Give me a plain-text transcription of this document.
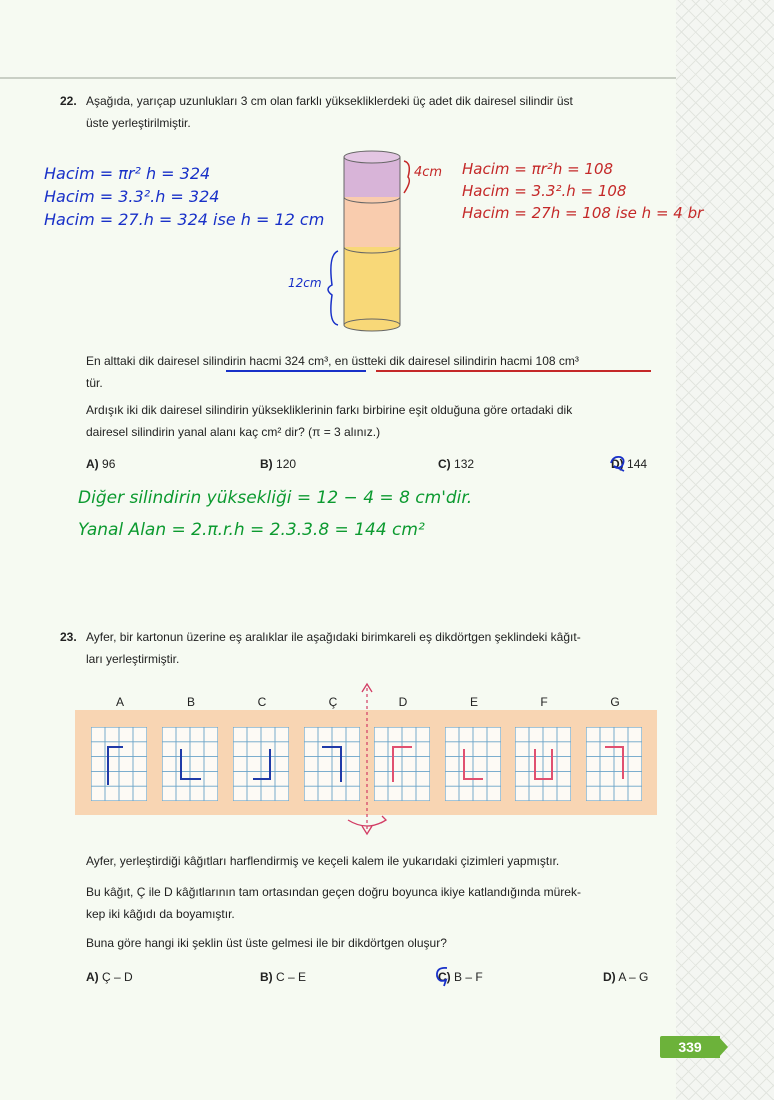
22. Aşağıda, yarıçap uzunlukları 3 cm olan farklı yüksekliklerdeki üç adet dik dairesel silindir üst
üste yerleştirilmiştir.
Hacim = πr² h = 324
Hacim = 3.3².h = 324
Hacim = 27.h = 324 ise h = 12 cm
4cm
12cm
Hacim = πr²h = 108
Hacim = 3.3².h = 108
Hacim = 27h = 108 ise h = 4 br
En alttaki dik dairesel silindirin hacmi 324 cm³, en üstteki dik dairesel silindirin hacmi 108 cm³
tür.
Ardışık iki dik dairesel silindirin yüksekliklerinin farkı birbirine eşit olduğuna göre ortadaki dik
dairesel silindirin yanal alanı kaç cm² dir? (π = 3 alınız.)
A) 96	B) 120	C) 132	D) 144
Diğer silindirin yüksekliği = 12 − 4 = 8 cm'dir.
Yanal Alan = 2.π.r.h = 2.3.3.8 = 144 cm²
23. Ayfer, bir kartonun üzerine eş aralıklar ile aşağıdaki birimkareli eş dikdörtgen şeklindeki kâğıt-
ları yerleştirmiştir.
A	B	C	Ç	D	E	F	G
Ayfer, yerleştirdiği kâğıtları harflendirmiş ve keçeli kalem ile yukarıdaki çizimleri yapmıştır.
Bu kâğıt, Ç ile D kâğıtlarının tam ortasından geçen doğru boyunca ikiye katlandığında mürek-
kep iki kâğıdı da boyamıştır.
Buna göre hangi iki şeklin üst üste gelmesi ile bir dikdörtgen oluşur?
A) Ç – D	B) C – E	C) B – F	D) A – G
339
